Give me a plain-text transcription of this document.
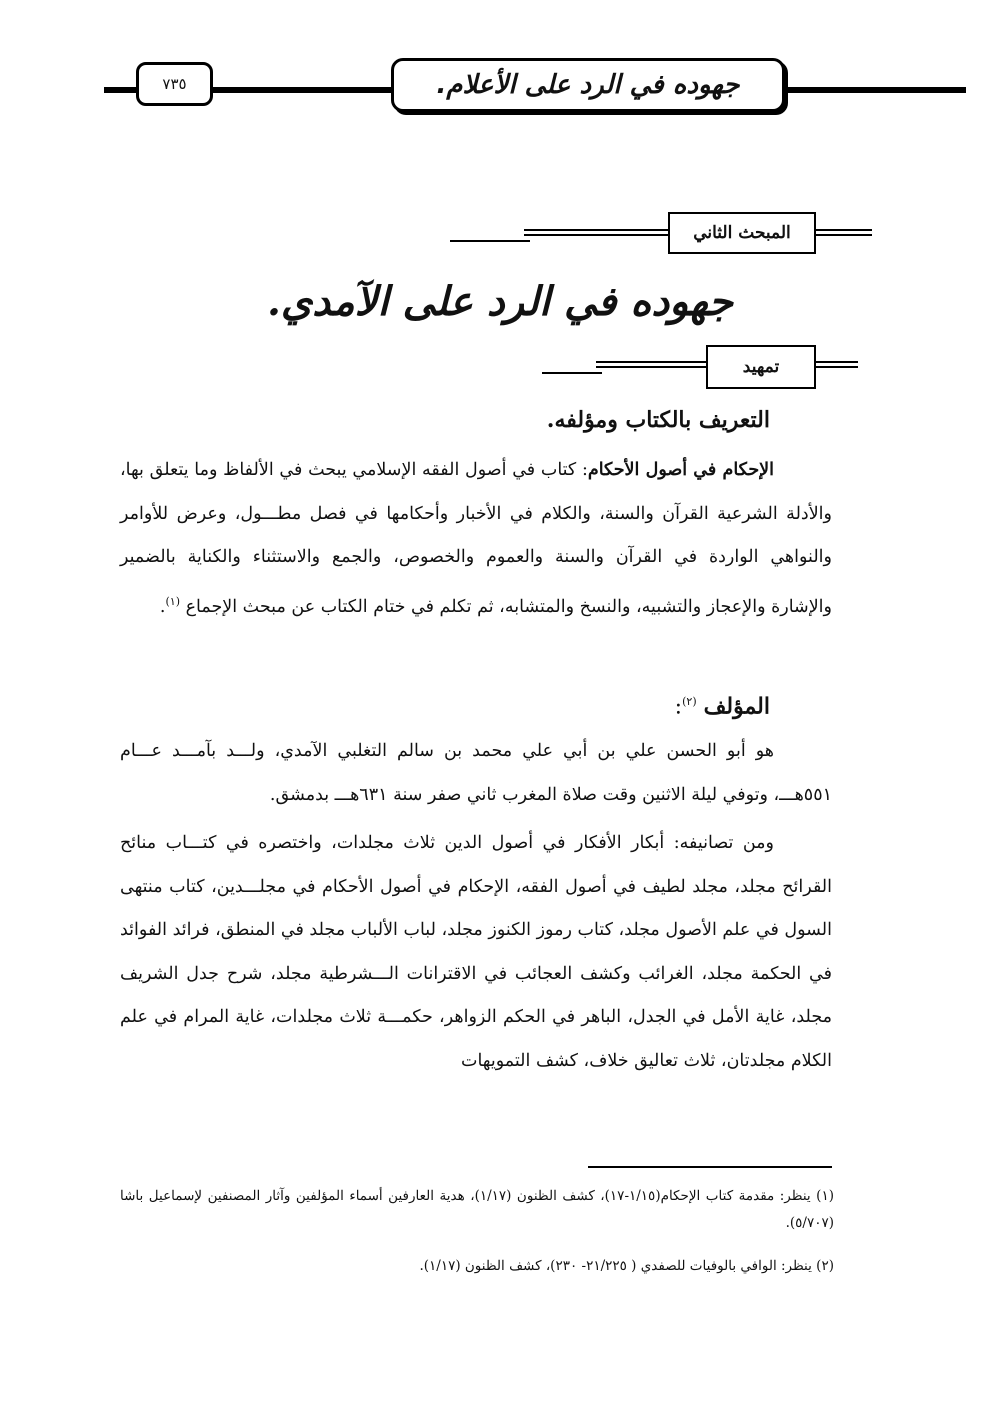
٧٣٥	جهوده في الرد على الأعلام.
المبحث الثاني
جهوده في الرد على الآمدي.
تمهيد
التعريف بالكتاب ومؤلفه.
الإحكام في أصول الأحكام: كتاب في أصول الفقه الإسلامي يبحث في الألفاظ وما يتعلق بها، والأدلة الشرعية القرآن والسنة، والكلام في الأخبار وأحكامها في فصل مطـــول، وعرض للأوامر والنواهي الواردة في القرآن والسنة والعموم والخصوص، والجمع والاستثناء والكناية بالضمير والإشارة والإعجاز والتشبيه، والنسخ والمتشابه، ثم تكلم في ختام الكتاب عن مبحث الإجماع $^{(١)}$.
المؤلف $^{(٢)}$:
هو أبو الحسن علي بن أبي علي محمد بن سالم التغلبي الآمدي، ولـــد بآمـــد عـــام ٥٥١هـــ، وتوفي ليلة الاثنين وقت صلاة المغرب ثاني صفر سنة ٦٣١هـــ بدمشق.
ومن تصانيفه: أبكار الأفكار في أصول الدين ثلاث مجلدات، واختصره في كتـــاب منائح القرائح مجلد، مجلد لطيف في أصول الفقه، الإحكام في أصول الأحكام في مجلـــدين، كتاب منتهى السول في علم الأصول مجلد، كتاب رموز الكنوز مجلد، لباب الألباب مجلد في المنطق، فرائد الفوائد في الحكمة مجلد، الغرائب وكشف العجائب في الاقترانات الـــشرطية مجلد، شرح جدل الشريف مجلد، غاية الأمل في الجدل، الباهر في الحكم الزواهر، حكمـــة ثلاث مجلدات، غاية المرام في علم الكلام مجلدتان، ثلاث تعاليق خلاف، كشف التمويهات
(١) ينظر: مقدمة كتاب الإحكام(١/١٥-١٧)، كشف الظنون (١/١٧)، هدية العارفين أسماء المؤلفين وآثار المصنفين لإسماعيل باشا (٥/٧٠٧).
(٢) ينظر: الوافي بالوفيات للصفدي ( ٢١/٢٢٥- ٢٣٠)، كشف الظنون (١/١٧).
